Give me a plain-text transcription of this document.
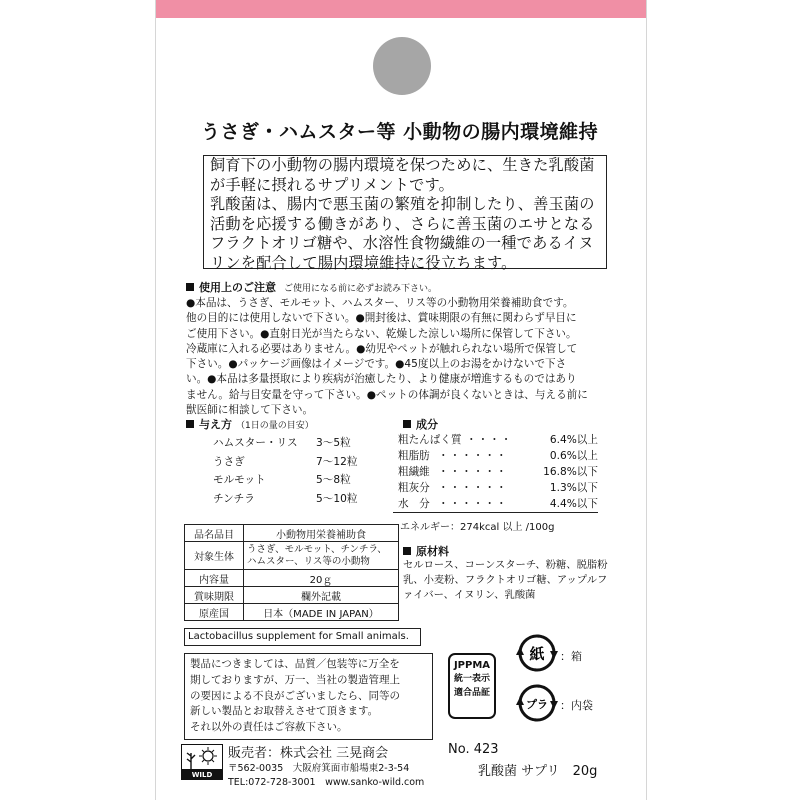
うさぎ・ハムスター等 小動物の腸内環境維持

飼育下の小動物の腸内環境を保つために、生きた乳酸菌

が手軽に摂れるサプリメントです。

乳酸菌は、腸内で悪玉菌の繁殖を抑制したり、善玉菌の

活動を応援する働きがあり、さらに善玉菌のエサとなる

フラクトオリゴ糖や、水溶性食物繊維の一種であるイヌ

リンを配合して腸内環境維持に役立ちます。

使用上のご注意 ご使用になる前に必ずお読み下さい。
●本品は、うさぎ、モルモット、ハムスター、リス等の小動物用栄養補助食です。
他の目的には使用しないで下さい。●開封後は、賞味期限の有無に関わらず早目に
ご使用下さい。●直射日光が当たらない、乾燥した涼しい場所に保管して下さい。
冷蔵庫に入れる必要はありません。●幼児やペットが触れられない場所で保管して
下さい。●パッケージ画像はイメージです。●45度以上のお湯をかけないで下さ
い。●本品は多量摂取により疾病が治癒したり、より健康が増進するものではあり
ません。給与目安量を守って下さい。●ペットの体調が良くないときは、与える前に
獣医師に相談して下さい。
与え方 （1日の量の目安）
ハムスター・リス 3〜5粒
うさぎ	7〜12粒
モルモット	5〜8粒
チンチラ	5〜10粒
成分
粗たんぱく質 ・・・・	6.4%以上
粗脂肪 ・・・・・・	0.6%以上
粗繊維 ・・・・・・	16.8%以下
粗灰分 ・・・・・・	1.3%以下
水　分 ・・・・・・	4.4%以下
エネルギー：274kcal 以上 /100g
原材料
セルロース、コーンスターチ、粉糖、脱脂粉乳、小麦粉、フラクトオリゴ糖、アップルファイバー、イヌリン、乳酸菌
品名品目	小動物用栄養補助食
対象生体	うさぎ、モルモット、チンチラ、ハムスター、リス等の小動物
内容量	20ｇ
賞味期限	欄外記載
原産国	日本（MADE IN JAPAN）
Lactobacillus supplement for Small animals.
製品につきましては、品質／包装等に万全を
期しておりますが、万一、当社の製造管理上
の要因による不良がございましたら、同等の
新しい製品とお取替えさせて頂きます。
それ以外の責任はご容赦下さい。
JPPMA
統一表示
適合品証
紙 ：箱
プラ ：内袋
WILD
販売者：株式会社 三晃商会
〒562-0035　大阪府箕面市船場東2-3-54
TEL:072-728-3001　www.sanko-wild.com
No. 423
乳酸菌 サプリ　20g
